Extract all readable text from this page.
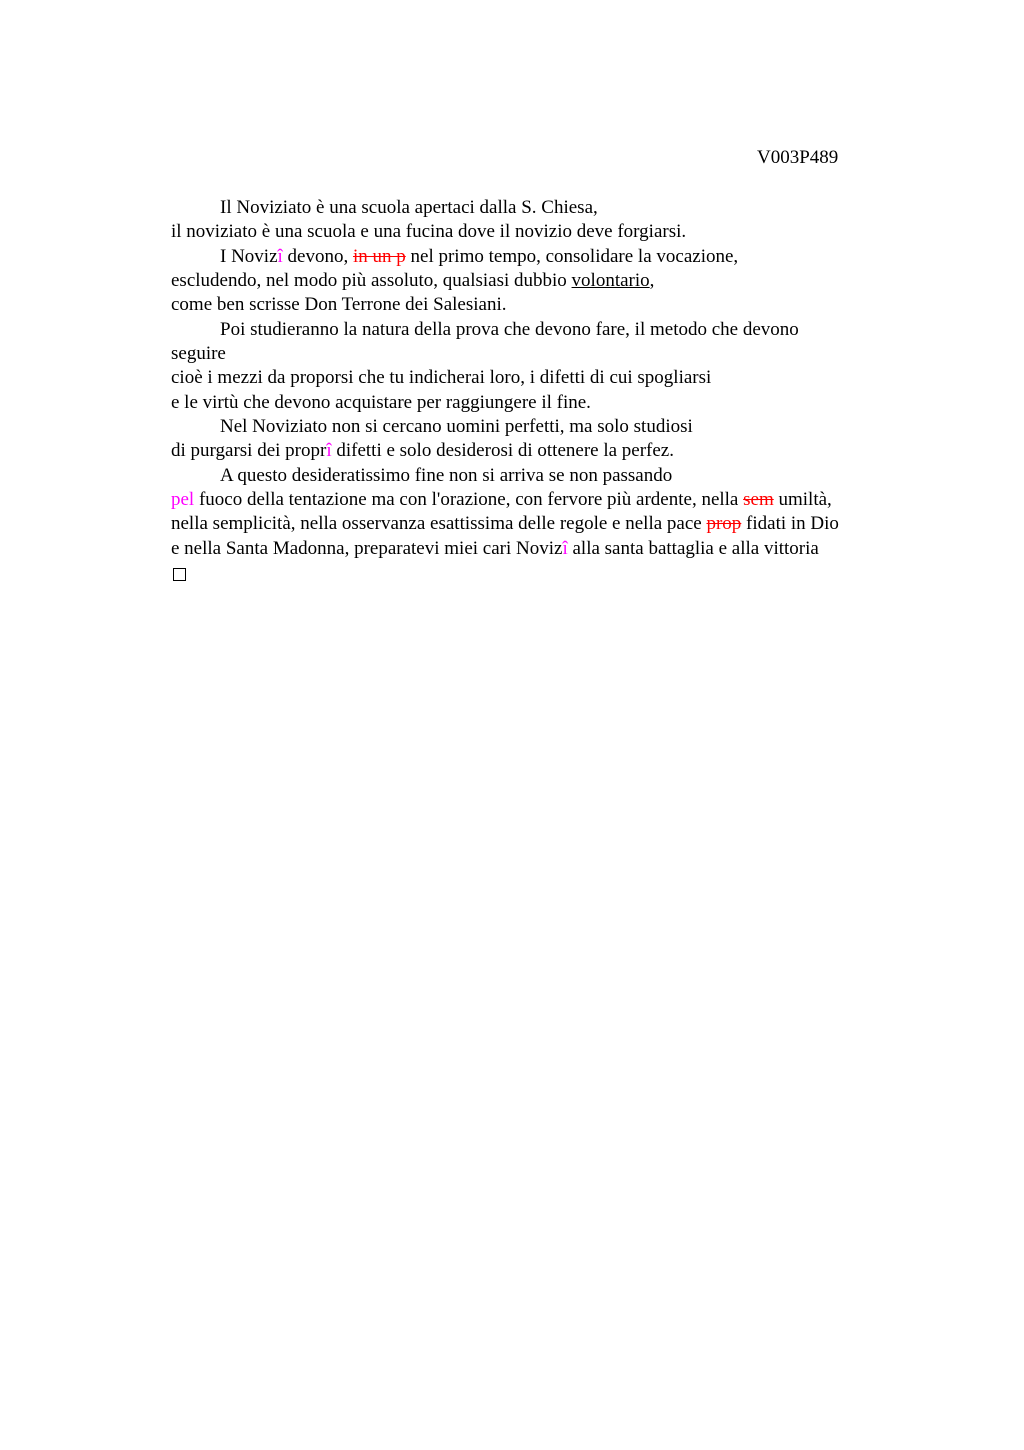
V003P489
Il Noviziato è una scuola apertaci dalla S. Chiesa,
il noviziato è una scuola e una fucina dove il novizio deve forgiarsi.
I Novizî devono, in un p nel primo tempo, consolidare la vocazione,
escludendo, nel modo più assoluto, qualsiasi dubbio volontario,
come ben scrisse Don Terrone dei Salesiani.
Poi studieranno la natura della prova che devono fare, il metodo che devono
seguire
cioè i mezzi da proporsi che tu indicherai loro, i difetti di cui spogliarsi
e le virtù che devono acquistare per raggiungere il fine.
Nel Noviziato non si cercano uomini perfetti, ma solo studiosi
di purgarsi dei proprî difetti e solo desiderosi di ottenere la perfez.
A questo desideratissimo fine non si arriva se non passando
pel fuoco della tentazione ma con l'orazione, con fervore più ardente, nella sem umiltà,
nella semplicità, nella osservanza esattissima delle regole e nella pace prop fidati in Dio
e nella Santa Madonna, preparatevi miei cari Novizî alla santa battaglia e alla vittoria
